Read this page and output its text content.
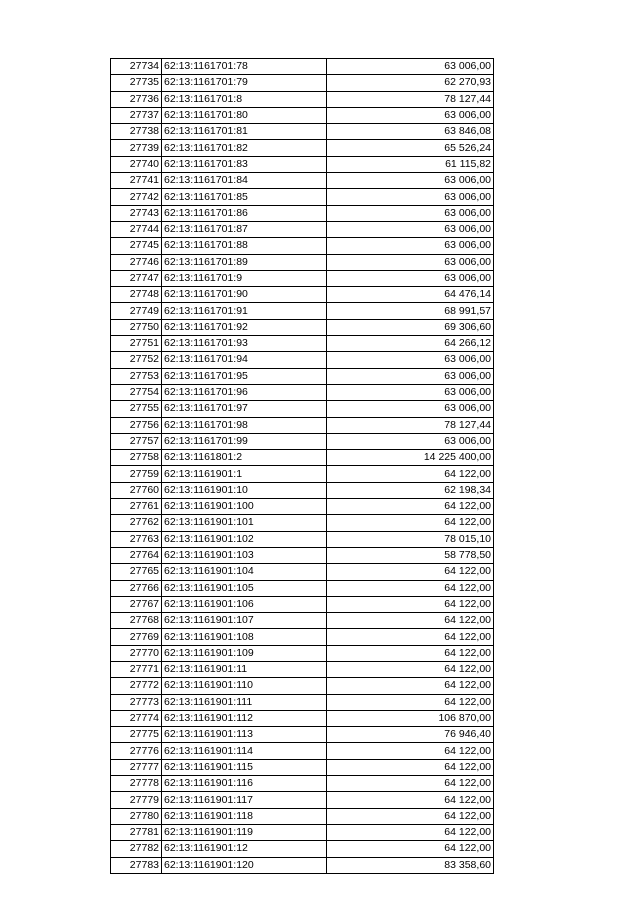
27734	62:13:1161701:78	63 006,00
27735	62:13:1161701:79	62 270,93
27736	62:13:1161701:8	78 127,44
27737	62:13:1161701:80	63 006,00
27738	62:13:1161701:81	63 846,08
27739	62:13:1161701:82	65 526,24
27740	62:13:1161701:83	61 115,82
27741	62:13:1161701:84	63 006,00
27742	62:13:1161701:85	63 006,00
27743	62:13:1161701:86	63 006,00
27744	62:13:1161701:87	63 006,00
27745	62:13:1161701:88	63 006,00
27746	62:13:1161701:89	63 006,00
27747	62:13:1161701:9	63 006,00
27748	62:13:1161701:90	64 476,14
27749	62:13:1161701:91	68 991,57
27750	62:13:1161701:92	69 306,60
27751	62:13:1161701:93	64 266,12
27752	62:13:1161701:94	63 006,00
27753	62:13:1161701:95	63 006,00
27754	62:13:1161701:96	63 006,00
27755	62:13:1161701:97	63 006,00
27756	62:13:1161701:98	78 127,44
27757	62:13:1161701:99	63 006,00
27758	62:13:1161801:2	14 225 400,00
27759	62:13:1161901:1	64 122,00
27760	62:13:1161901:10	62 198,34
27761	62:13:1161901:100	64 122,00
27762	62:13:1161901:101	64 122,00
27763	62:13:1161901:102	78 015,10
27764	62:13:1161901:103	58 778,50
27765	62:13:1161901:104	64 122,00
27766	62:13:1161901:105	64 122,00
27767	62:13:1161901:106	64 122,00
27768	62:13:1161901:107	64 122,00
27769	62:13:1161901:108	64 122,00
27770	62:13:1161901:109	64 122,00
27771	62:13:1161901:11	64 122,00
27772	62:13:1161901:110	64 122,00
27773	62:13:1161901:111	64 122,00
27774	62:13:1161901:112	106 870,00
27775	62:13:1161901:113	76 946,40
27776	62:13:1161901:114	64 122,00
27777	62:13:1161901:115	64 122,00
27778	62:13:1161901:116	64 122,00
27779	62:13:1161901:117	64 122,00
27780	62:13:1161901:118	64 122,00
27781	62:13:1161901:119	64 122,00
27782	62:13:1161901:12	64 122,00
27783	62:13:1161901:120	83 358,60
